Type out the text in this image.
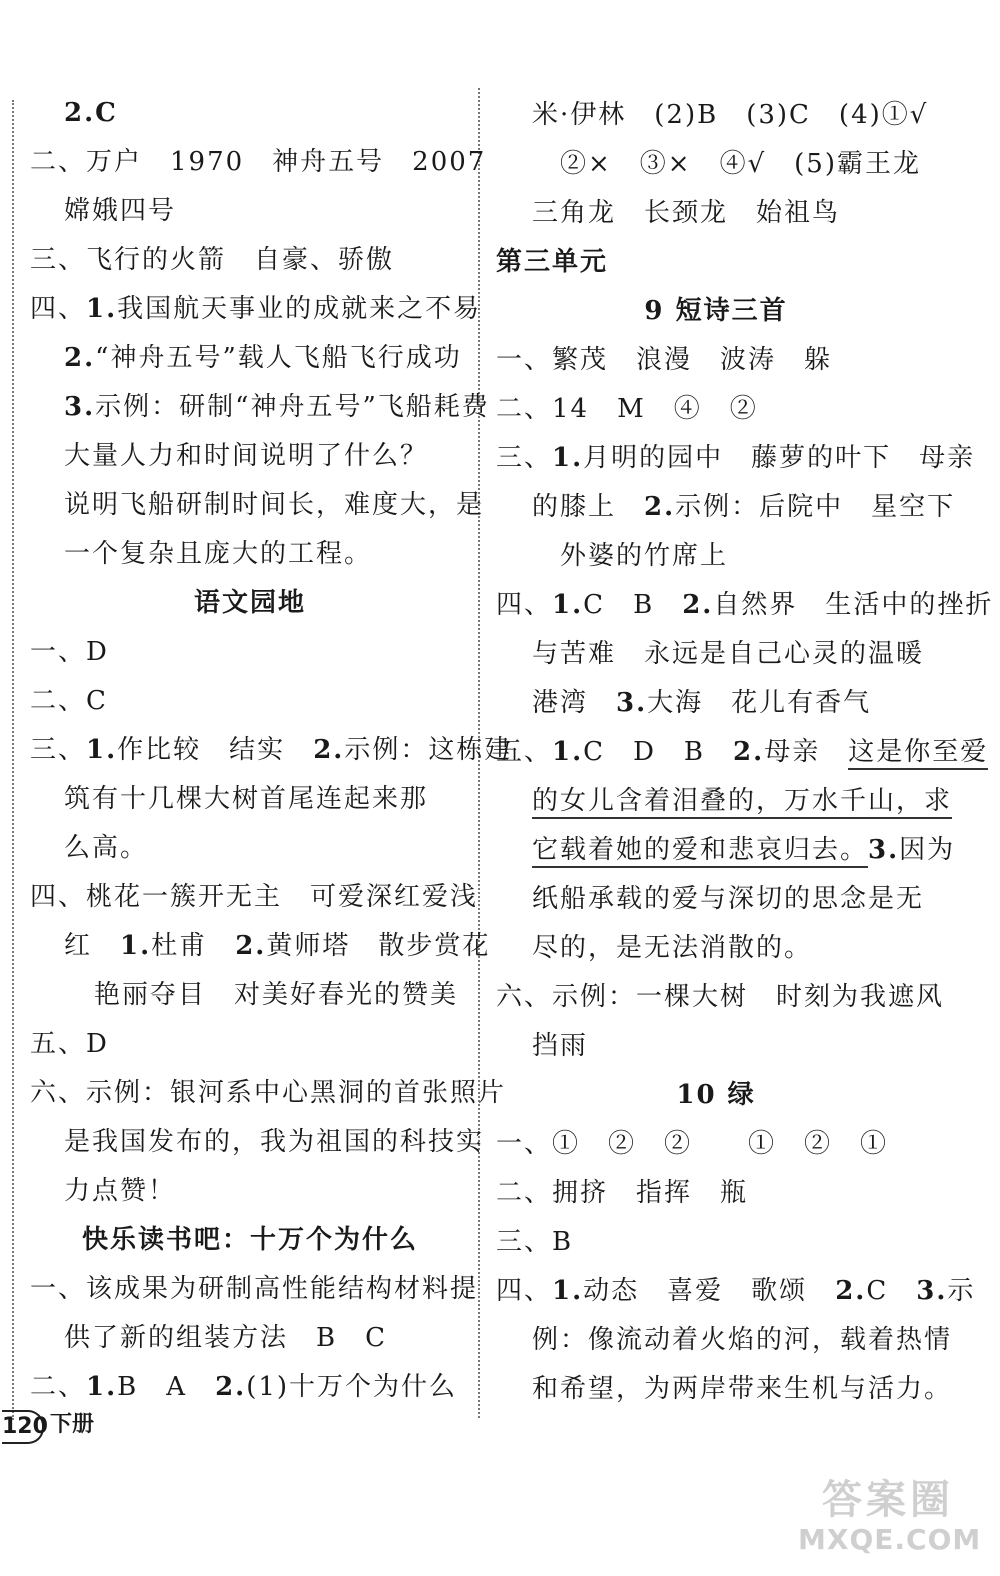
2.C
二、万户　1970　神舟五号　2007
嫦娥四号
三、飞行的火箭　自豪、骄傲
四、1.我国航天事业的成就来之不易
2.“神舟五号”载人飞船飞行成功
3.示例：研制“神舟五号”飞船耗费
大量人力和时间说明了什么？
说明飞船研制时间长，难度大，是
一个复杂且庞大的工程。
语文园地
一、D
二、C
三、1.作比较　结实　2.示例：这栋建
筑有十几棵大树首尾连起来那
么高。
四、桃花一簇开无主　可爱深红爱浅
红　1.杜甫　2.黄师塔　散步赏花
艳丽夺目　对美好春光的赞美
五、D
六、示例：银河系中心黑洞的首张照片
是我国发布的，我为祖国的科技实
力点赞！
快乐读书吧：十万个为什么
一、该成果为研制高性能结构材料提
供了新的组装方法　B　C
二、1.B　A　2.(1)十万个为什么
米·伊林　(2)B　(3)C　(4)①√
②×　③×　④√　(5)霸王龙
三角龙　长颈龙　始祖鸟
第三单元
9 短诗三首
一、繁茂　浪漫　波涛　躲
二、14　M　④　②
三、1.月明的园中　藤萝的叶下　母亲
的膝上　2.示例：后院中　星空下
外婆的竹席上
四、1.C　B　2.自然界　生活中的挫折
与苦难　永远是自己心灵的温暖
港湾　3.大海　花儿有香气
五、1.C　D　B　2.母亲　这是你至爱
的女儿含着泪叠的，万水千山，求
它载着她的爱和悲哀归去。3.因为
纸船承载的爱与深切的思念是无
尽的，是无法消散的。
六、示例：一棵大树　时刻为我遮风
挡雨
10 绿
一、①　②　②　　①　②　①
二、拥挤　指挥　瓶
三、B
四、1.动态　喜爱　歌颂　2.C　3.示
例：像流动着火焰的河，载着热情
和希望，为两岸带来生机与活力。
120 下册
答案圈
MXQE.COM
